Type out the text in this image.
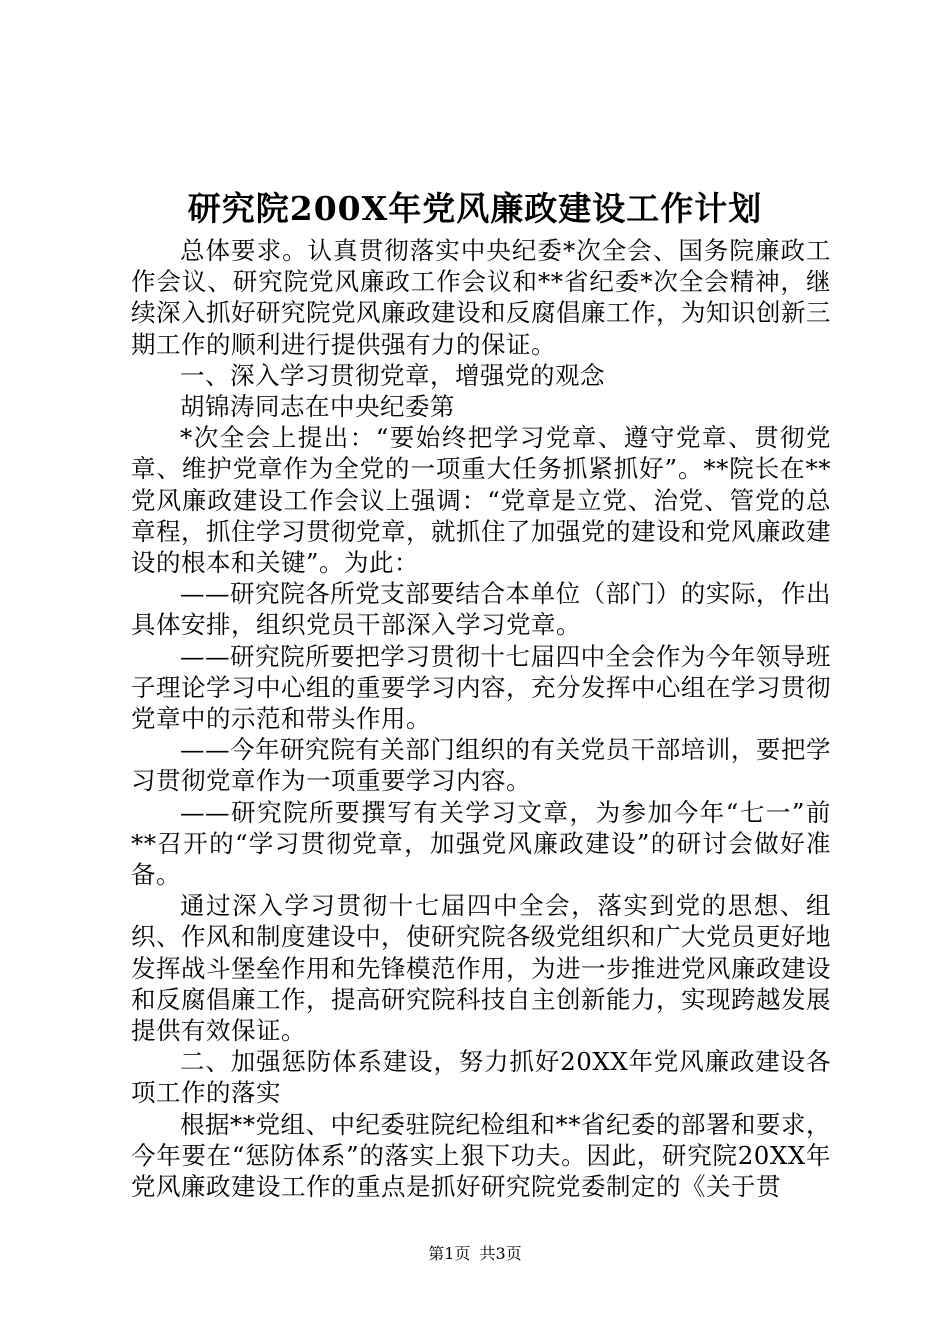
研究院200X年党风廉政建设工作计划

总体要求。认真贯彻落实中央纪委*次全会、国务院廉政工作会议、研究院党风廉政工作会议和**省纪委*次全会精神，继续深入抓好研究院党风廉政建设和反腐倡廉工作，为知识创新三期工作的顺利进行提供强有力的保证。

一、深入学习贯彻党章，增强党的观念

胡锦涛同志在中央纪委第

*次全会上提出：“要始终把学习党章、遵守党章、贯彻党章、维护党章作为全党的一项重大任务抓紧抓好”。**院长在**党风廉政建设工作会议上强调：“党章是立党、治党、管党的总章程，抓住学习贯彻党章，就抓住了加强党的建设和党风廉政建设的根本和关键”。为此：

——研究院各所党支部要结合本单位（部门）的实际，作出具体安排，组织党员干部深入学习党章。

——研究院所要把学习贯彻十七届四中全会作为今年领导班子理论学习中心组的重要学习内容，充分发挥中心组在学习贯彻党章中的示范和带头作用。

——今年研究院有关部门组织的有关党员干部培训，要把学习贯彻党章作为一项重要学习内容。

——研究院所要撰写有关学习文章，为参加今年“七一”前**召开的“学习贯彻党章，加强党风廉政建设”的研讨会做好准备。

通过深入学习贯彻十七届四中全会，落实到党的思想、组织、作风和制度建设中，使研究院各级党组织和广大党员更好地发挥战斗堡垒作用和先锋模范作用，为进一步推进党风廉政建设和反腐倡廉工作，提高研究院科技自主创新能力，实现跨越发展提供有效保证。

二、加强惩防体系建设，努力抓好20XX年党风廉政建设各项工作的落实

根据**党组、中纪委驻院纪检组和**省纪委的部署和要求，今年要在“惩防体系”的落实上狠下功夫。因此，研究院20XX年党风廉政建设工作的重点是抓好研究院党委制定的《关于贯

第1页 共3页
